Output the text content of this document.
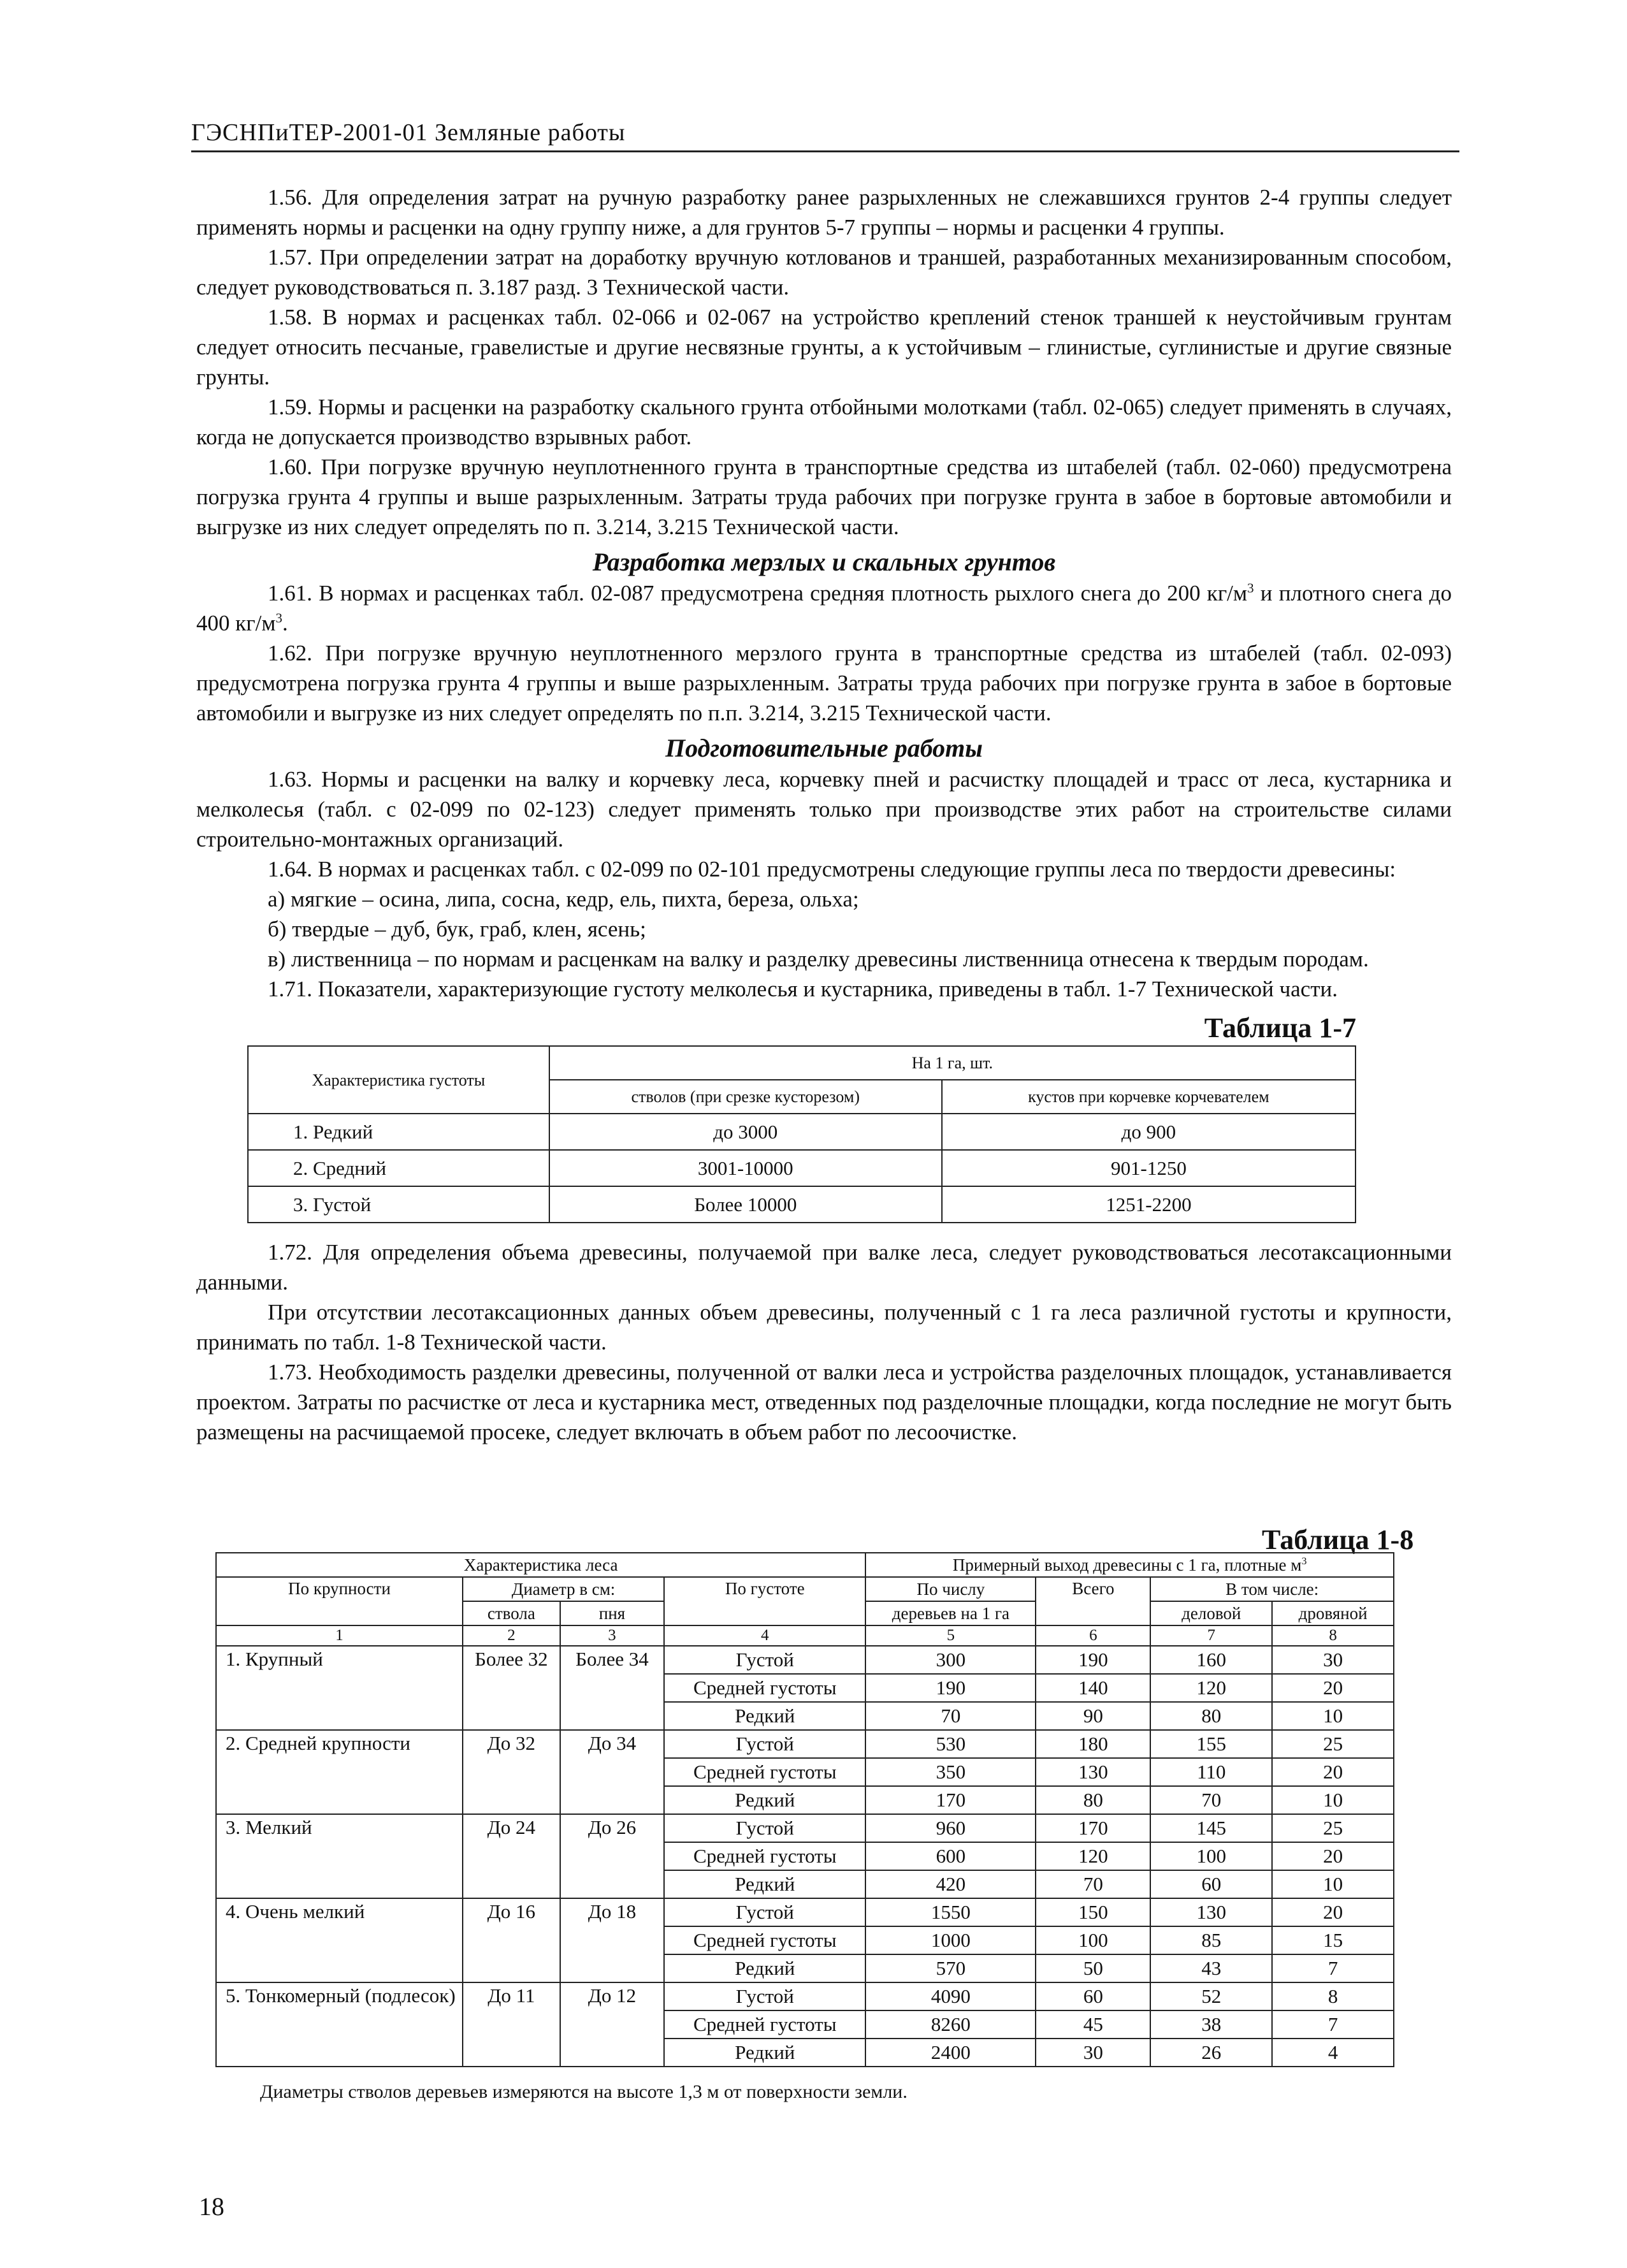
ГЭСНПиТЕР-2001-01 Земляные работы

1.56. Для определения затрат на ручную разработку ранее разрыхленных не слежавшихся грунтов 2-4 группы следует применять нормы и расценки на одну группу ниже, а для грунтов 5-7 группы – нормы и расценки 4 группы.

1.57. При определении затрат на доработку вручную котлованов и траншей, разработанных механизированным способом, следует руководствоваться п. 3.187 разд. 3 Технической части.

1.58. В нормах и расценках табл. 02-066 и 02-067 на устройство креплений стенок траншей к неустойчивым грунтам следует относить песчаные, гравелистые и другие несвязные грунты, а к устойчивым – глинистые, суглинистые и другие связные грунты.

1.59. Нормы и расценки на разработку скального грунта отбойными молотками (табл. 02-065) следует применять в случаях, когда не допускается производство взрывных работ.

1.60. При погрузке вручную неуплотненного грунта в транспортные средства из штабелей (табл. 02-060) предусмотрена погрузка грунта 4 группы и выше разрыхленным. Затраты труда рабочих при погрузке грунта в забое в бортовые автомобили и выгрузке из них следует определять по п. 3.214, 3.215 Технической части.

Разработка мерзлых и скальных грунтов

1.61. В нормах и расценках табл. 02-087 предусмотрена средняя плотность рыхлого снега до 200 $кг/м^3$ и плотного снега до 400 $кг/м^3$.

1.62. При погрузке вручную неуплотненного мерзлого грунта в транспортные средства из штабелей (табл. 02-093) предусмотрена погрузка грунта 4 группы и выше разрыхленным. Затраты труда рабочих при погрузке грунта в забое в бортовые автомобили и выгрузке из них следует определять по п.п. 3.214, 3.215 Технической части.

Подготовительные работы

1.63. Нормы и расценки на валку и корчевку леса, корчевку пней и расчистку площадей и трасс от леса, кустарника и мелколесья (табл. с 02-099 по 02-123) следует применять только при производстве этих работ на строительстве силами строительно-монтажных организаций.

1.64. В нормах и расценках табл. с 02-099 по 02-101 предусмотрены следующие группы леса по твердости древесины:

а) мягкие – осина, липа, сосна, кедр, ель, пихта, береза, ольха;

б) твердые – дуб, бук, граб, клен, ясень;

в) лиственница – по нормам и расценкам на валку и разделку древесины лиственница отнесена к твердым породам.

1.71. Показатели, характеризующие густоту мелколесья и кустарника, приведены в табл. 1-7 Технической части.

Таблица 1-7
Характеристика густоты	На 1 га, шт.	
	стволов (при срезке кусторезом)	кустов при корчевке корчевателем
1. Редкий	до 3000	до 900
2. Средний	3001-10000	901-1250
3. Густой	Более 10000	1251-2200

1.72. Для определения объема древесины, получаемой при валке леса, следует руководствоваться лесотаксационными данными.

При отсутствии лесотаксационных данных объем древесины, полученный с 1 га леса различной густоты и крупности, принимать по табл. 1-8 Технической части.

1.73. Необходимость разделки древесины, полученной от валки леса и устройства разделочных площадок, устанавливается проектом. Затраты по расчистке от леса и кустарника мест, отведенных под разделочные площадки, когда последние не могут быть размещены на расчищаемой просеке, следует включать в объем работ по лесоочистке.

Таблица 1-8
Характеристика леса				Примерный выход древесины с 1 га, плотные $м^3$
По крупности	Диаметр в см:		По густоте	По числу	Всего	В том числе:	
	ствола	пня		деревьев на 1 га		деловой	дровяной
1	2	3	4	5	6	7	8
1. Крупный	Более 32	Более 34	Густой	300	190	160	30
			Средней густоты	190	140	120	20
			Редкий	70	90	80	10
2. Средней крупности	До 32	До 34	Густой	530	180	155	25
			Средней густоты	350	130	110	20
			Редкий	170	80	70	10
3. Мелкий	До 24	До 26	Густой	960	170	145	25
			Средней густоты	600	120	100	20
			Редкий	420	70	60	10
4. Очень мелкий	До 16	До 18	Густой	1550	150	130	20
			Средней густоты	1000	100	85	15
			Редкий	570	50	43	7
5. Тонкомерный (подлесок)	До 11	До 12	Густой	4090	60	52	8
			Средней густоты	8260	45	38	7
			Редкий	2400	30	26	4
Диаметры стволов деревьев измеряются на высоте 1,3 м от поверхности земли.
18
